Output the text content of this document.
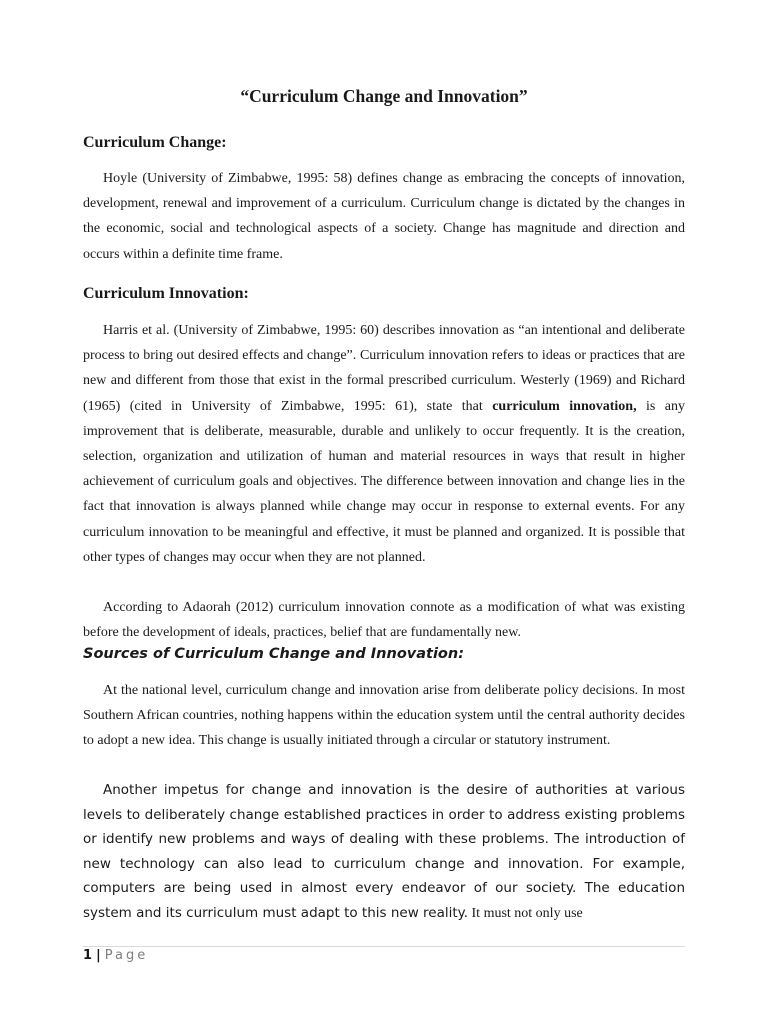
“Curriculum Change and Innovation”
Curriculum Change:

Hoyle (University of Zimbabwe, 1995: 58) defines change as embracing the concepts of innovation, development, renewal and improvement of a curriculum. Curriculum change is dictated by the changes in the economic, social and technological aspects of a society. Change has magnitude and direction and occurs within a definite time frame.

Curriculum Innovation:

Harris et al. (University of Zimbabwe, 1995: 60) describes innovation as “an intentional and deliberate process to bring out desired effects and change”. Curriculum innovation refers to ideas or practices that are new and different from those that exist in the formal prescribed curriculum. Westerly (1969) and Richard (1965) (cited in University of Zimbabwe, 1995: 61), state that curriculum innovation, is any improvement that is deliberate, measurable, durable and unlikely to occur frequently. It is the creation, selection, organization and utilization of human and material resources in ways that result in higher achievement of curriculum goals and objectives. The difference between innovation and change lies in the fact that innovation is always planned while change may occur in response to external events. For any curriculum innovation to be meaningful and effective, it must be planned and organized. It is possible that other types of changes may occur when they are not planned.

According to Adaorah (2012) curriculum innovation connote as a modification of what was existing before the development of ideals, practices, belief that are fundamentally new.

Sources of Curriculum Change and Innovation:

At the national level, curriculum change and innovation arise from deliberate policy decisions. In most Southern African countries, nothing happens within the education system until the central authority decides to adopt a new idea. This change is usually initiated through a circular or statutory instrument.

Another impetus for change and innovation is the desire of authorities at various levels to deliberately change established practices in order to address existing problems or identify new problems and ways of dealing with these problems. The introduction of new technology can also lead to curriculum change and innovation. For example, computers are being used in almost every endeavor of our society. The education system and its curriculum must adapt to this new reality. It must not only use

1 | Page
